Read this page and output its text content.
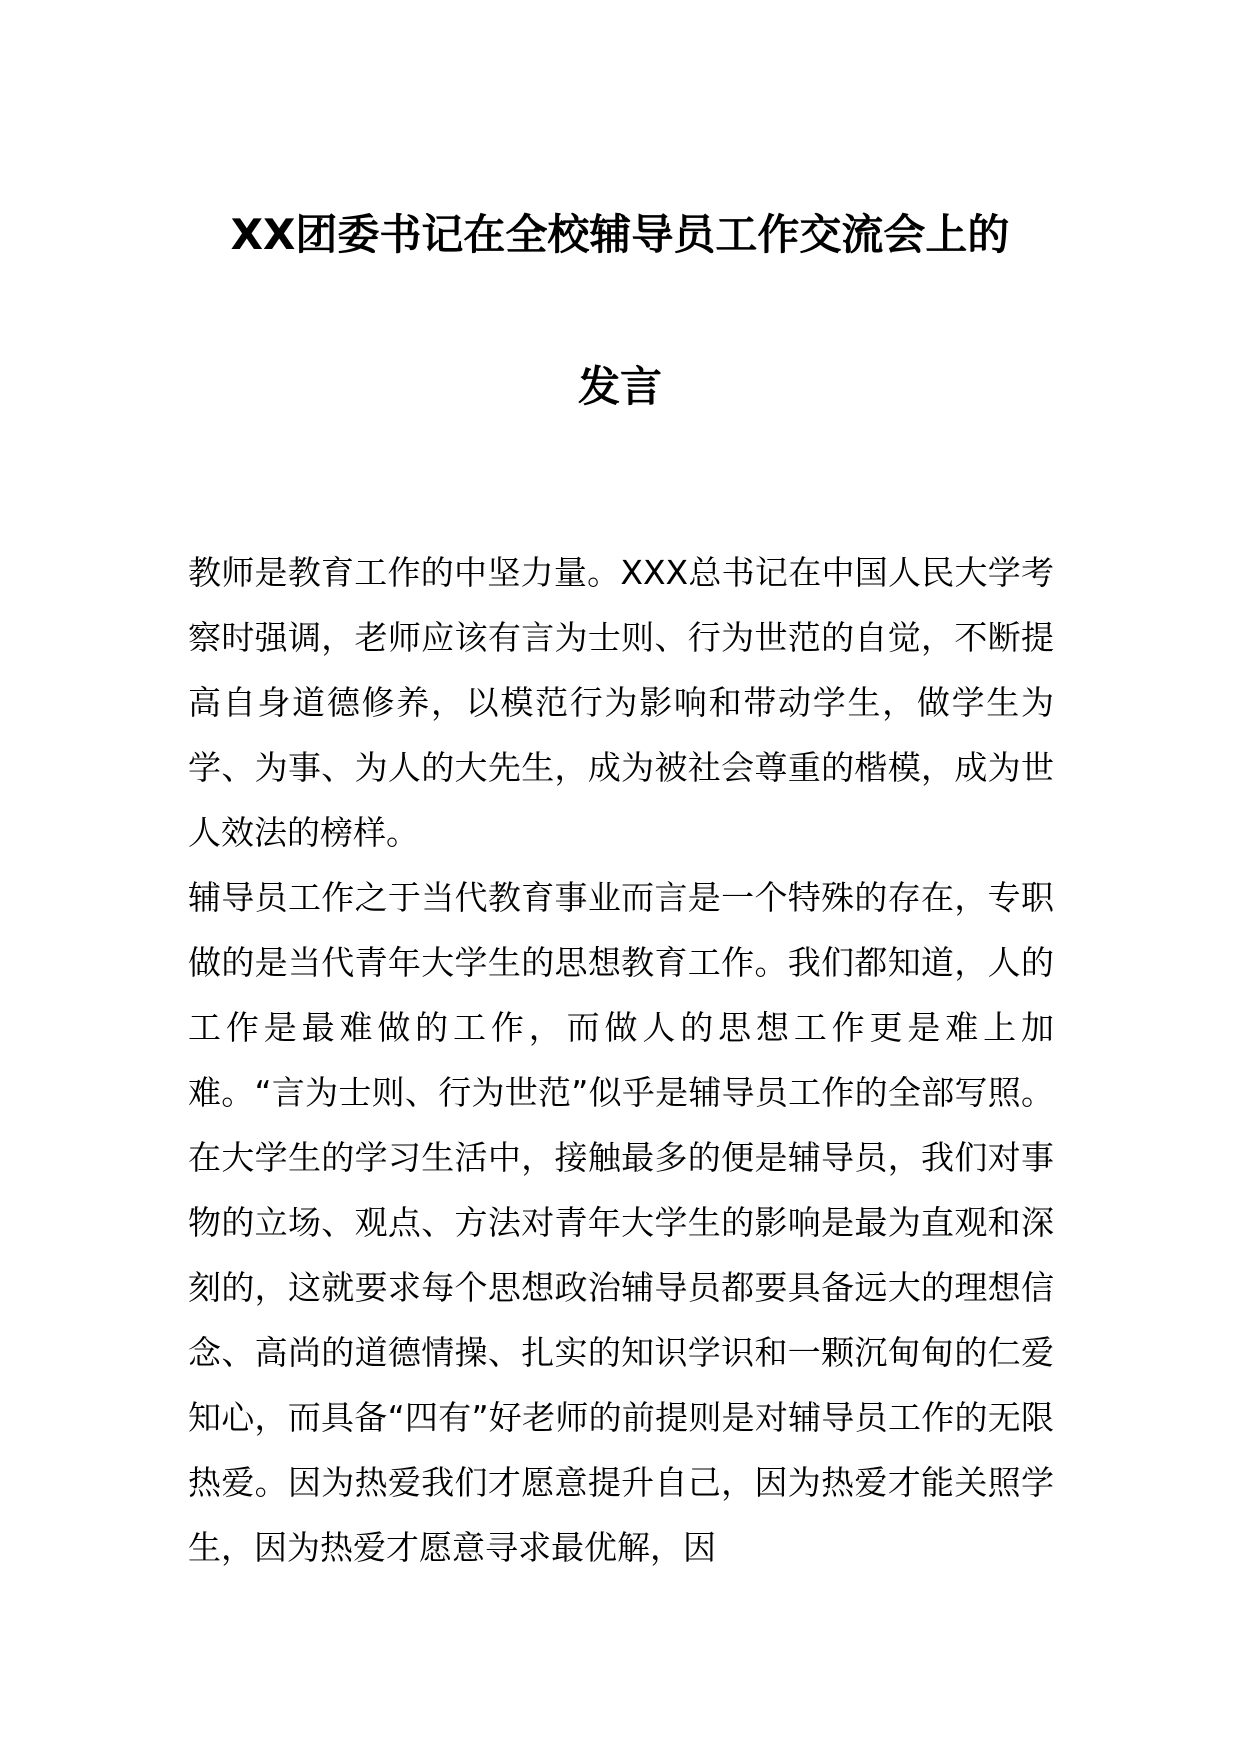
XX团委书记在全校辅导员工作交流会上的
发言

教师是教育工作的中坚力量。XXX总书记在中国人民大学考察时强调，老师应该有言为士则、行为世范的自觉，不断提高自身道德修养，以模范行为影响和带动学生，做学生为学、为事、为人的大先生，成为被社会尊重的楷模，成为世人效法的榜样。

辅导员工作之于当代教育事业而言是一个特殊的存在，专职做的是当代青年大学生的思想教育工作。我们都知道，人的工作是最难做的工作，而做人的思想工作更是难上加难。“言为士则、行为世范”似乎是辅导员工作的全部写照。在大学生的学习生活中，接触最多的便是辅导员，我们对事物的立场、观点、方法对青年大学生的影响是最为直观和深刻的，这就要求每个思想政治辅导员都要具备远大的理想信念、高尚的道德情操、扎实的知识学识和一颗沉甸甸的仁爱知心，而具备“四有”好老师的前提则是对辅导员工作的无限热爱。因为热爱我们才愿意提升自己，因为热爱才能关照学生，因为热爱才愿意寻求最优解，因
